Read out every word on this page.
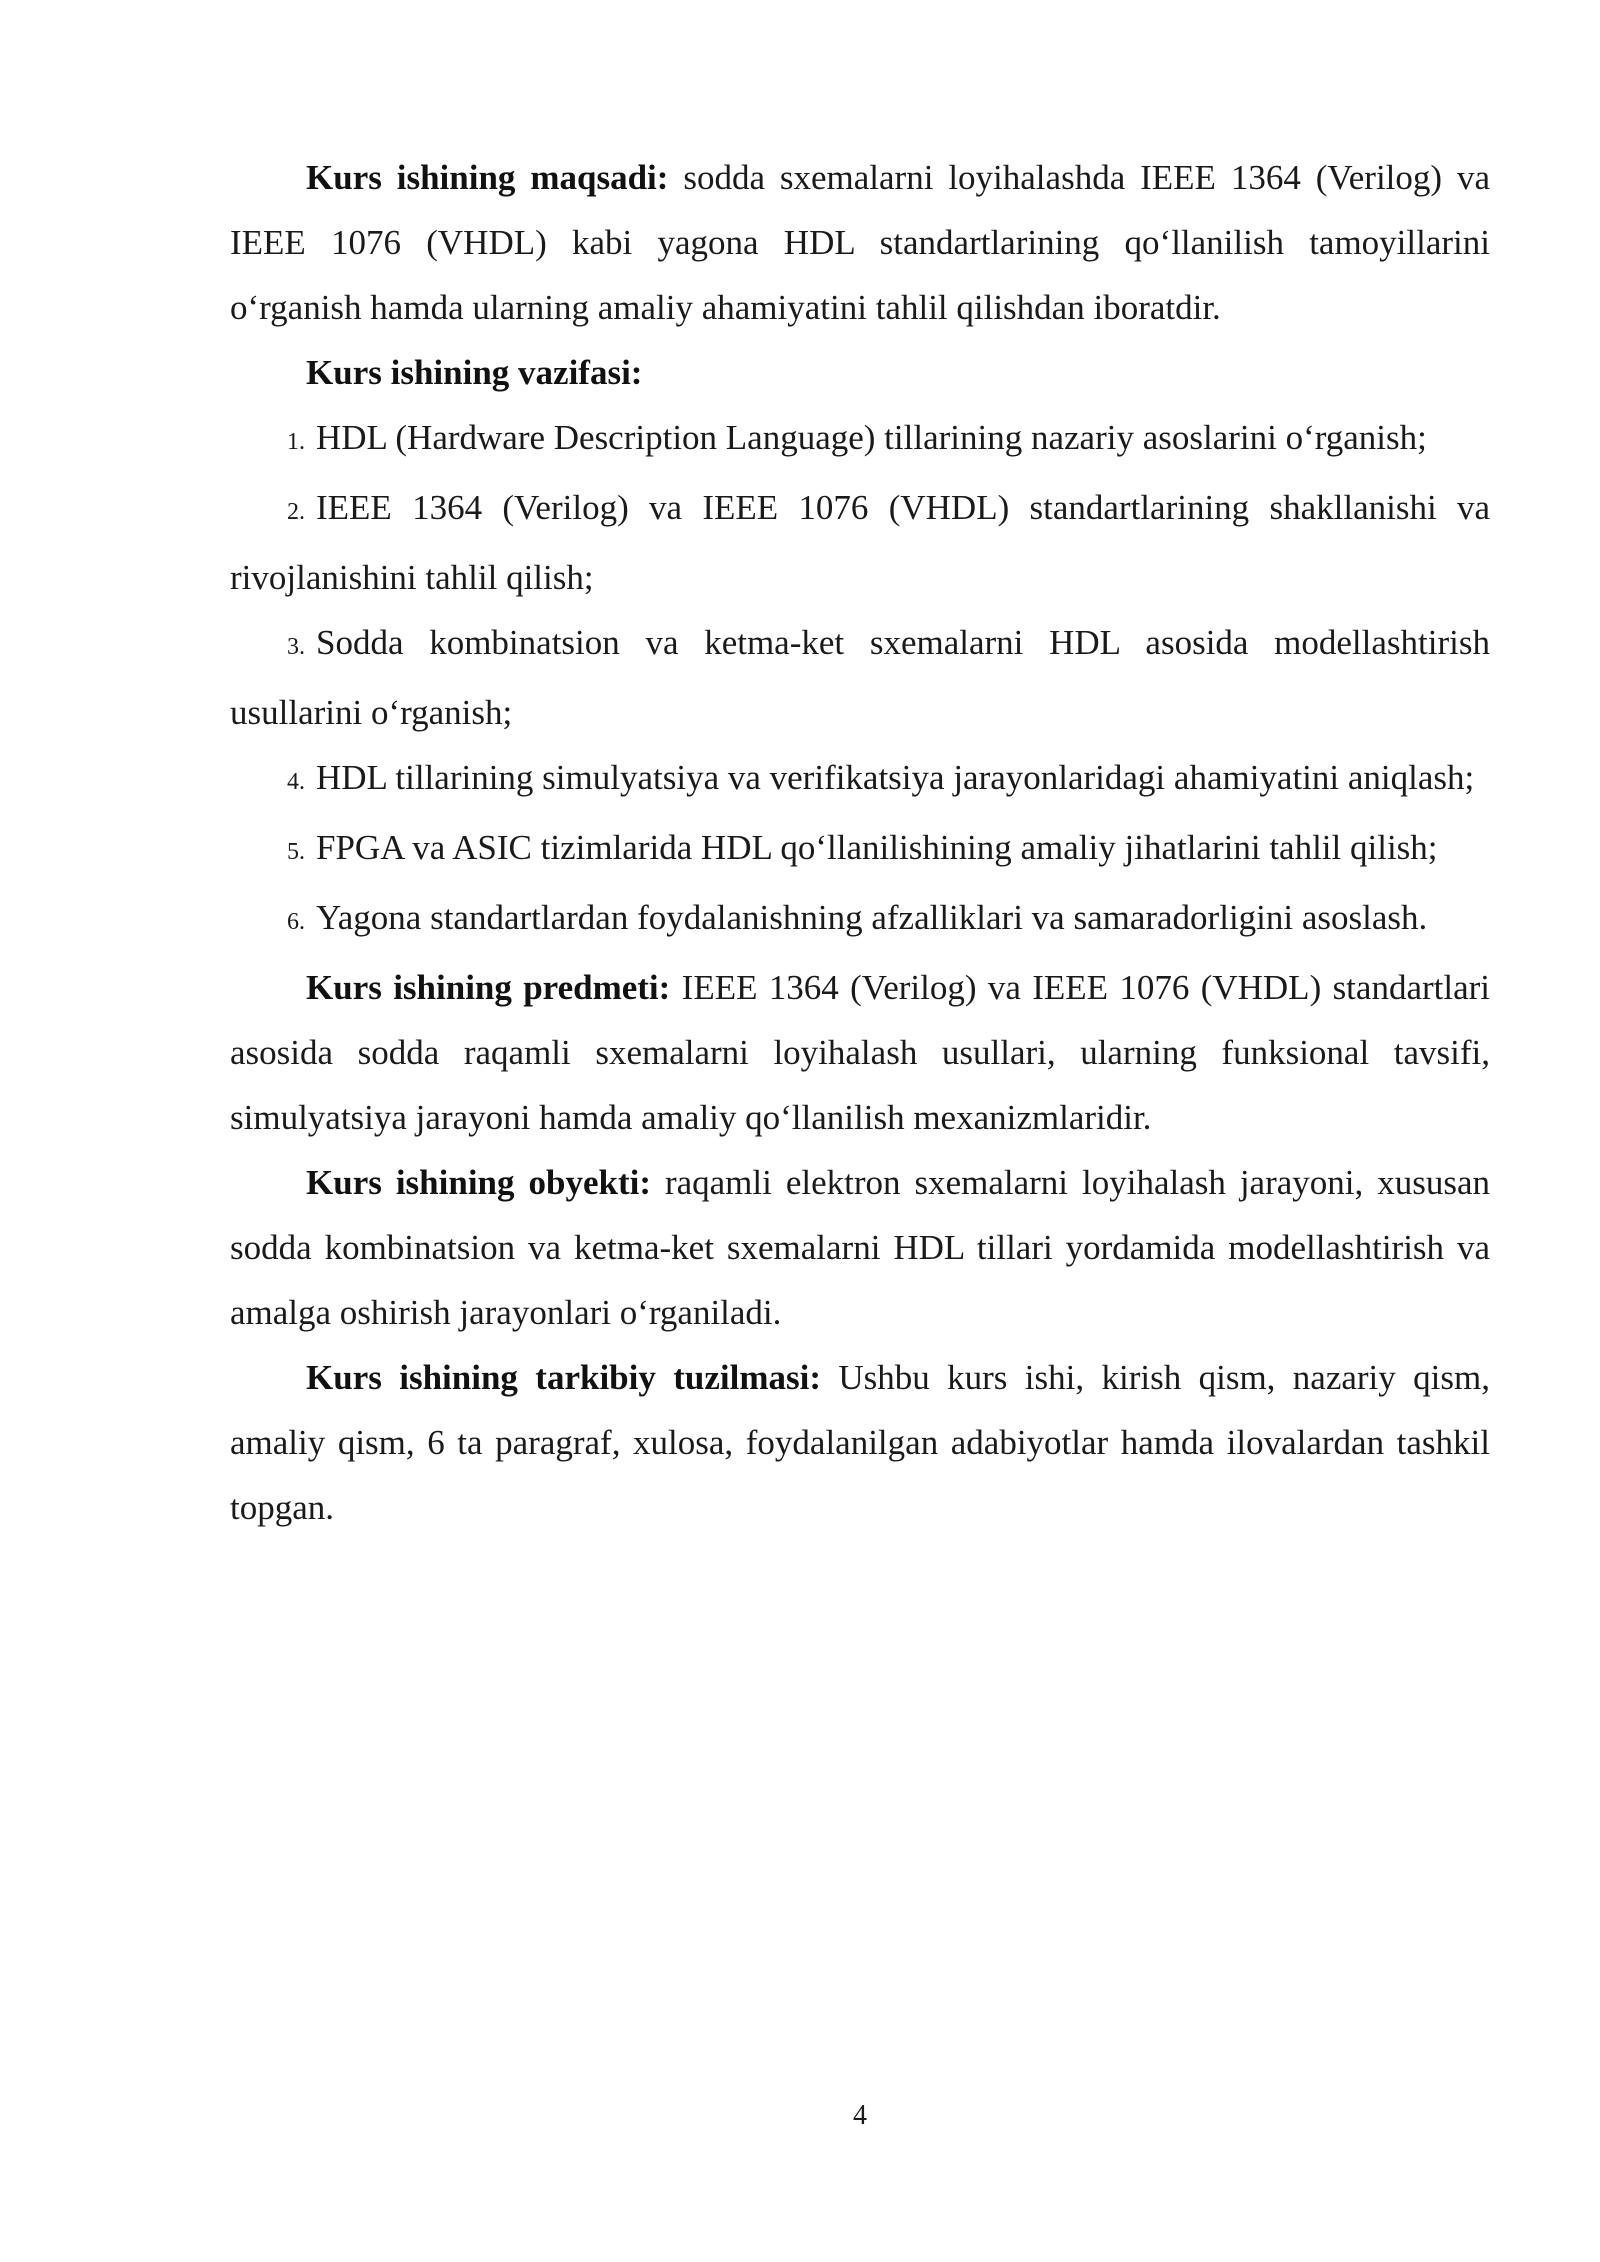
Kurs ishining maqsadi: sodda sxemalarni loyihalashda IEEE 1364 (Verilog) va IEEE 1076 (VHDL) kabi yagona HDL standartlarining qoʻllanilish tamoyillarini oʻrganish hamda ularning amaliy ahamiyatini tahlil qilishdan iboratdir.

Kurs ishining vazifasi:

1. HDL (Hardware Description Language) tillarining nazariy asoslarini oʻrganish;

2. IEEE 1364 (Verilog) va IEEE 1076 (VHDL) standartlarining shakllanishi va rivojlanishini tahlil qilish;

3. Sodda kombinatsion va ketma-ket sxemalarni HDL asosida modellashtirish usullarini oʻrganish;

4. HDL tillarining simulyatsiya va verifikatsiya jarayonlaridagi ahamiyatini aniqlash;

5. FPGA va ASIC tizimlarida HDL qoʻllanilishining amaliy jihatlarini tahlil qilish;

6. Yagona standartlardan foydalanishning afzalliklari va samaradorligini asoslash.

Kurs ishining predmeti: IEEE 1364 (Verilog) va IEEE 1076 (VHDL) standartlari asosida sodda raqamli sxemalarni loyihalash usullari, ularning funksional tavsifi, simulyatsiya jarayoni hamda amaliy qoʻllanilish mexanizmlaridir.

Kurs ishining obyekti: raqamli elektron sxemalarni loyihalash jarayoni, xususan sodda kombinatsion va ketma-ket sxemalarni HDL tillari yordamida modellashtirish va amalga oshirish jarayonlari oʻrganiladi.

Kurs ishining tarkibiy tuzilmasi: Ushbu kurs ishi, kirish qism, nazariy qism, amaliy qism, 6 ta paragraf, xulosa, foydalanilgan adabiyotlar hamda ilovalardan tashkil topgan.

4
